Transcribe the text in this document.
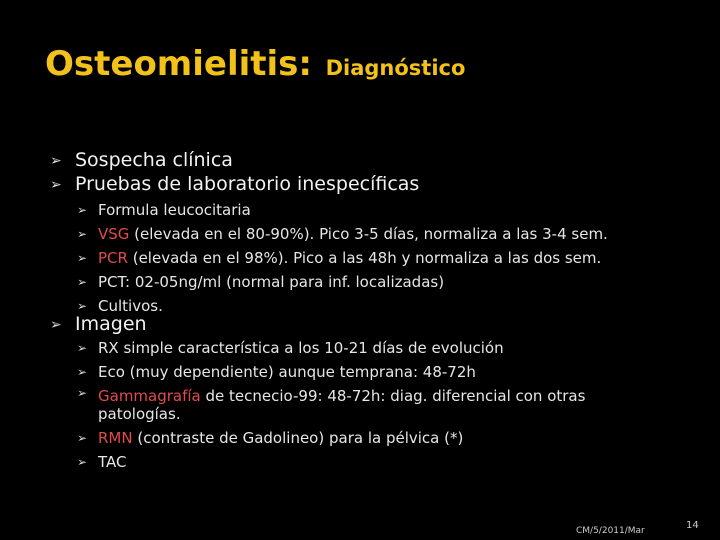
Osteomielitis: Diagnóstico
➢ Sospecha clínica
➢ Pruebas de laboratorio inespecíficas
➢ Formula leucocitaria
➢ VSG (elevada en el 80-90%). Pico 3-5 días, normaliza a las 3-4 sem.
➢ PCR (elevada en el 98%). Pico a las 48h y normaliza a las dos sem.
➢ PCT: 02-05ng/ml (normal para inf. localizadas)
➢ Cultivos.
➢ Imagen
➢ RX simple característica a los 10-21 días de evolución
➢ Eco (muy dependiente) aunque temprana: 48-72h
➢ Gammagrafía de tecnecio-99: 48-72h: diag. diferencial con otras
patologías.
➢ RMN (contraste de Gadolineo) para la pélvica (*)
➢ TAC
CM/5/2011/Mar	14
